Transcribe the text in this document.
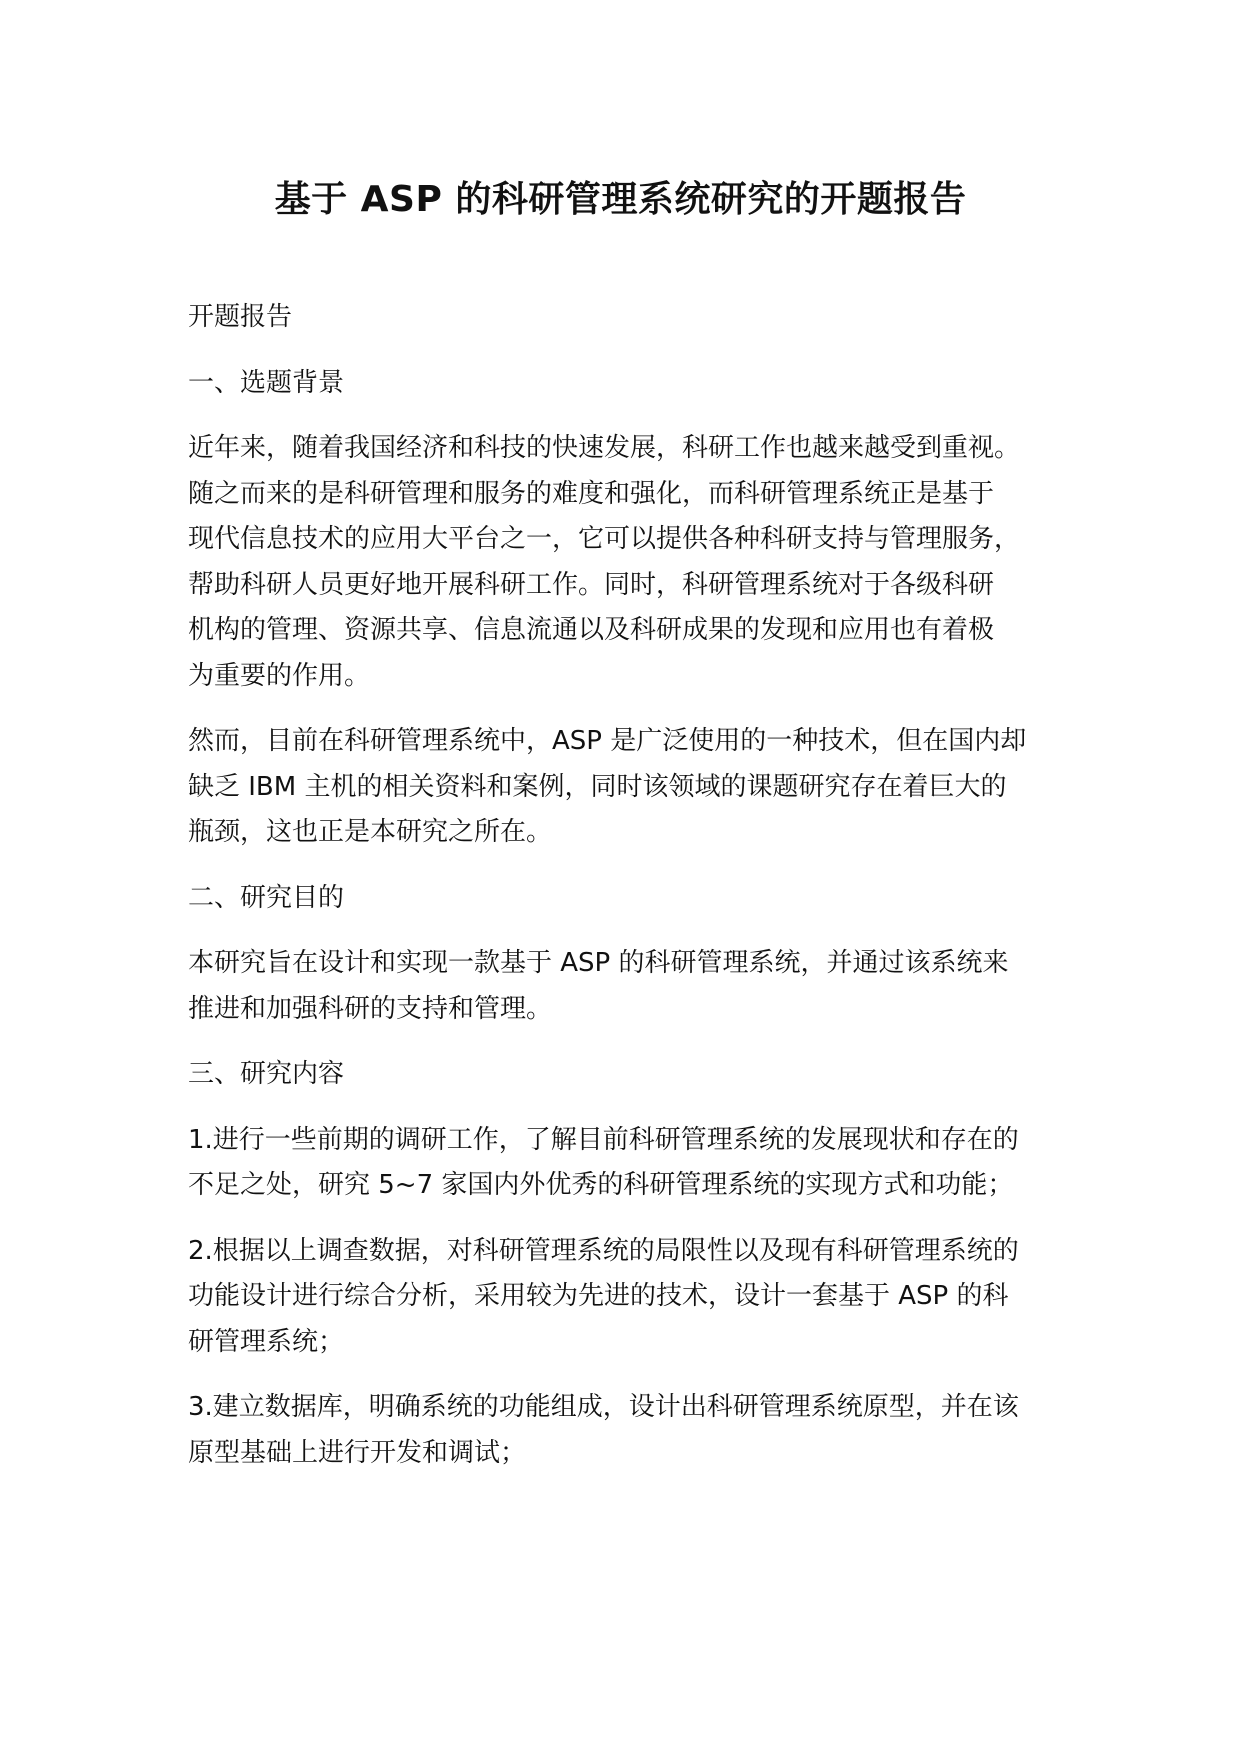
基于 ASP 的科研管理系统研究的开题报告
开题报告
一、选题背景
近年来，随着我国经济和科技的快速发展，科研工作也越来越受到重视。
随之而来的是科研管理和服务的难度和强化，而科研管理系统正是基于
现代信息技术的应用大平台之一，它可以提供各种科研支持与管理服务，
帮助科研人员更好地开展科研工作。同时，科研管理系统对于各级科研
机构的管理、资源共享、信息流通以及科研成果的发现和应用也有着极
为重要的作用。
然而，目前在科研管理系统中，ASP 是广泛使用的一种技术，但在国内却
缺乏 IBM 主机的相关资料和案例，同时该领域的课题研究存在着巨大的
瓶颈，这也正是本研究之所在。
二、研究目的
本研究旨在设计和实现一款基于 ASP 的科研管理系统，并通过该系统来
推进和加强科研的支持和管理。
三、研究内容
1.进行一些前期的调研工作，了解目前科研管理系统的发展现状和存在的
不足之处，研究 5~7 家国内外优秀的科研管理系统的实现方式和功能；
2.根据以上调查数据，对科研管理系统的局限性以及现有科研管理系统的
功能设计进行综合分析，采用较为先进的技术，设计一套基于 ASP 的科
研管理系统；
3.建立数据库，明确系统的功能组成，设计出科研管理系统原型，并在该
原型基础上进行开发和调试；
